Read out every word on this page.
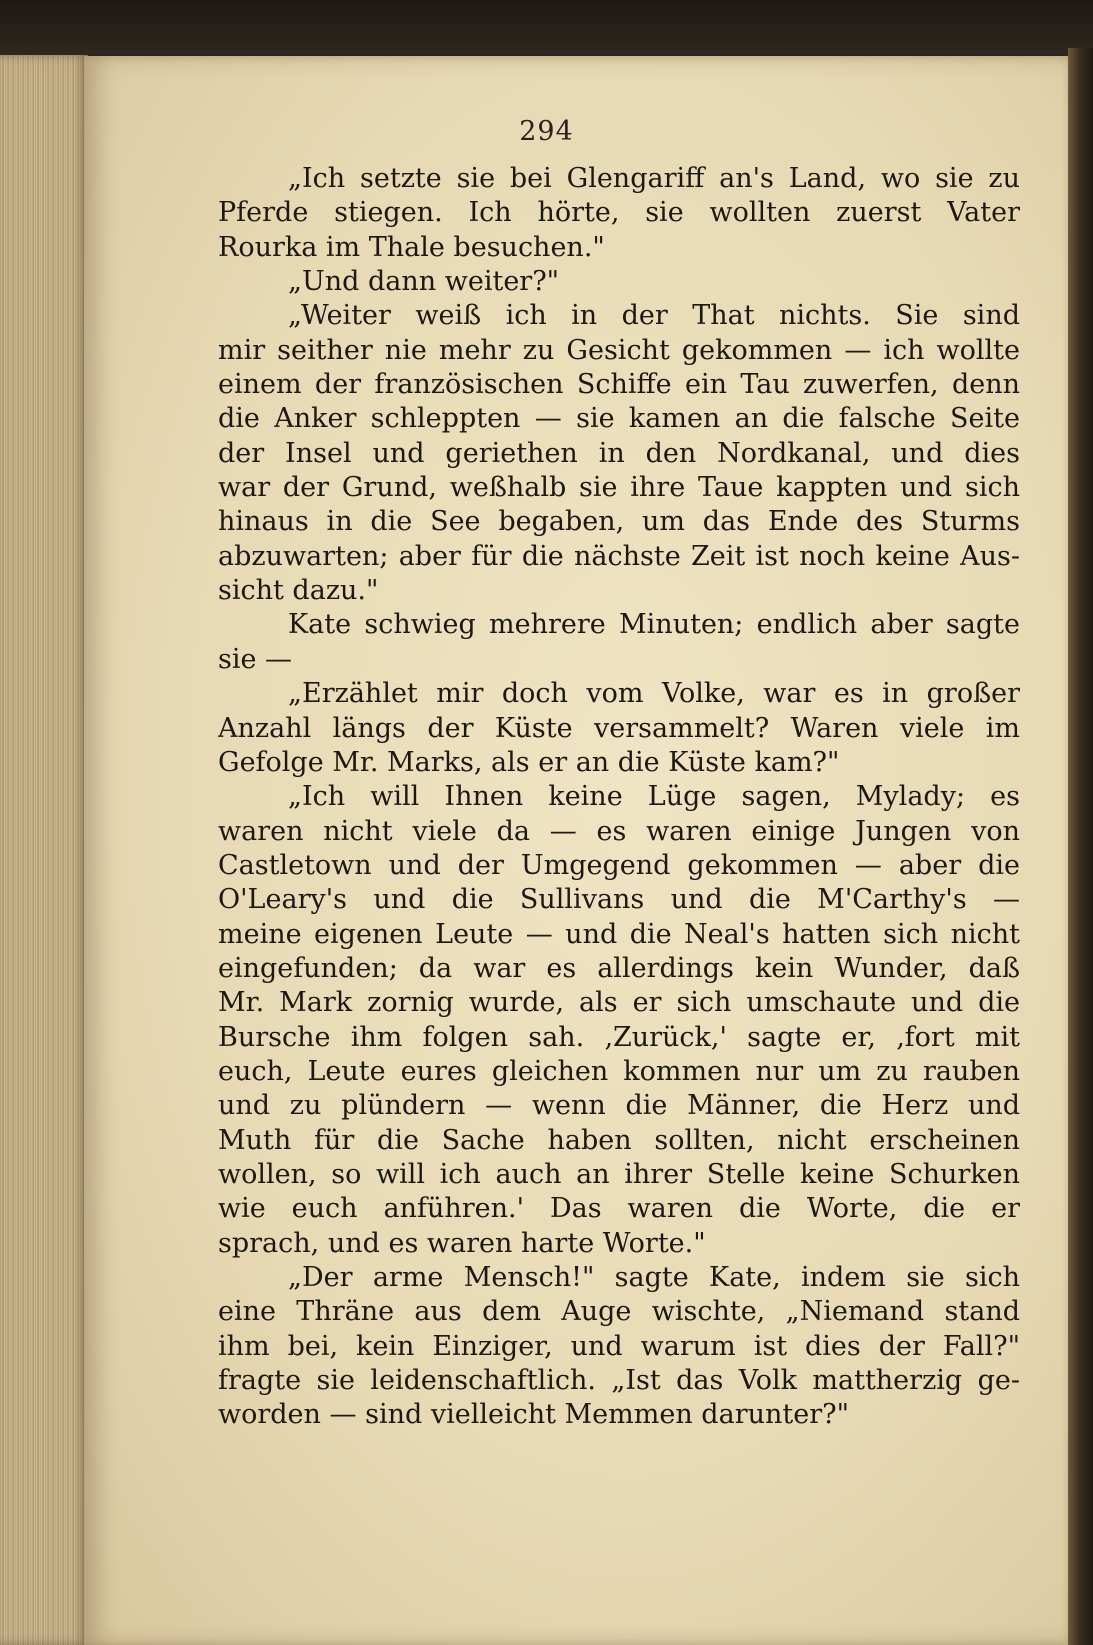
294
„Ich setzte sie bei Glengariff an's Land, wo sie zu
Pferde stiegen. Ich hörte, sie wollten zuerst Vater
Rourka im Thale besuchen."
„Und dann weiter?"
„Weiter weiß ich in der That nichts. Sie sind
mir seither nie mehr zu Gesicht gekommen — ich wollte
einem der französischen Schiffe ein Tau zuwerfen, denn
die Anker schleppten — sie kamen an die falsche Seite
der Insel und geriethen in den Nordkanal, und dies
war der Grund, weßhalb sie ihre Taue kappten und sich
hinaus in die See begaben, um das Ende des Sturms
abzuwarten; aber für die nächste Zeit ist noch keine Aus-
sicht dazu."
Kate schwieg mehrere Minuten; endlich aber sagte
sie —
„Erzählet mir doch vom Volke, war es in großer
Anzahl längs der Küste versammelt? Waren viele im
Gefolge Mr. Marks, als er an die Küste kam?"
„Ich will Ihnen keine Lüge sagen, Mylady; es
waren nicht viele da — es waren einige Jungen von
Castletown und der Umgegend gekommen — aber die
O'Leary's und die Sullivans und die M'Carthy's —
meine eigenen Leute — und die Neal's hatten sich nicht
eingefunden; da war es allerdings kein Wunder, daß
Mr. Mark zornig wurde, als er sich umschaute und die
Bursche ihm folgen sah. ‚Zurück,' sagte er, ‚fort mit
euch, Leute eures gleichen kommen nur um zu rauben
und zu plündern — wenn die Männer, die Herz und
Muth für die Sache haben sollten, nicht erscheinen
wollen, so will ich auch an ihrer Stelle keine Schurken
wie euch anführen.' Das waren die Worte, die er
sprach, und es waren harte Worte."
„Der arme Mensch!" sagte Kate, indem sie sich
eine Thräne aus dem Auge wischte, „Niemand stand
ihm bei, kein Einziger, und warum ist dies der Fall?"
fragte sie leidenschaftlich. „Ist das Volk mattherzig ge-
worden — sind vielleicht Memmen darunter?"
